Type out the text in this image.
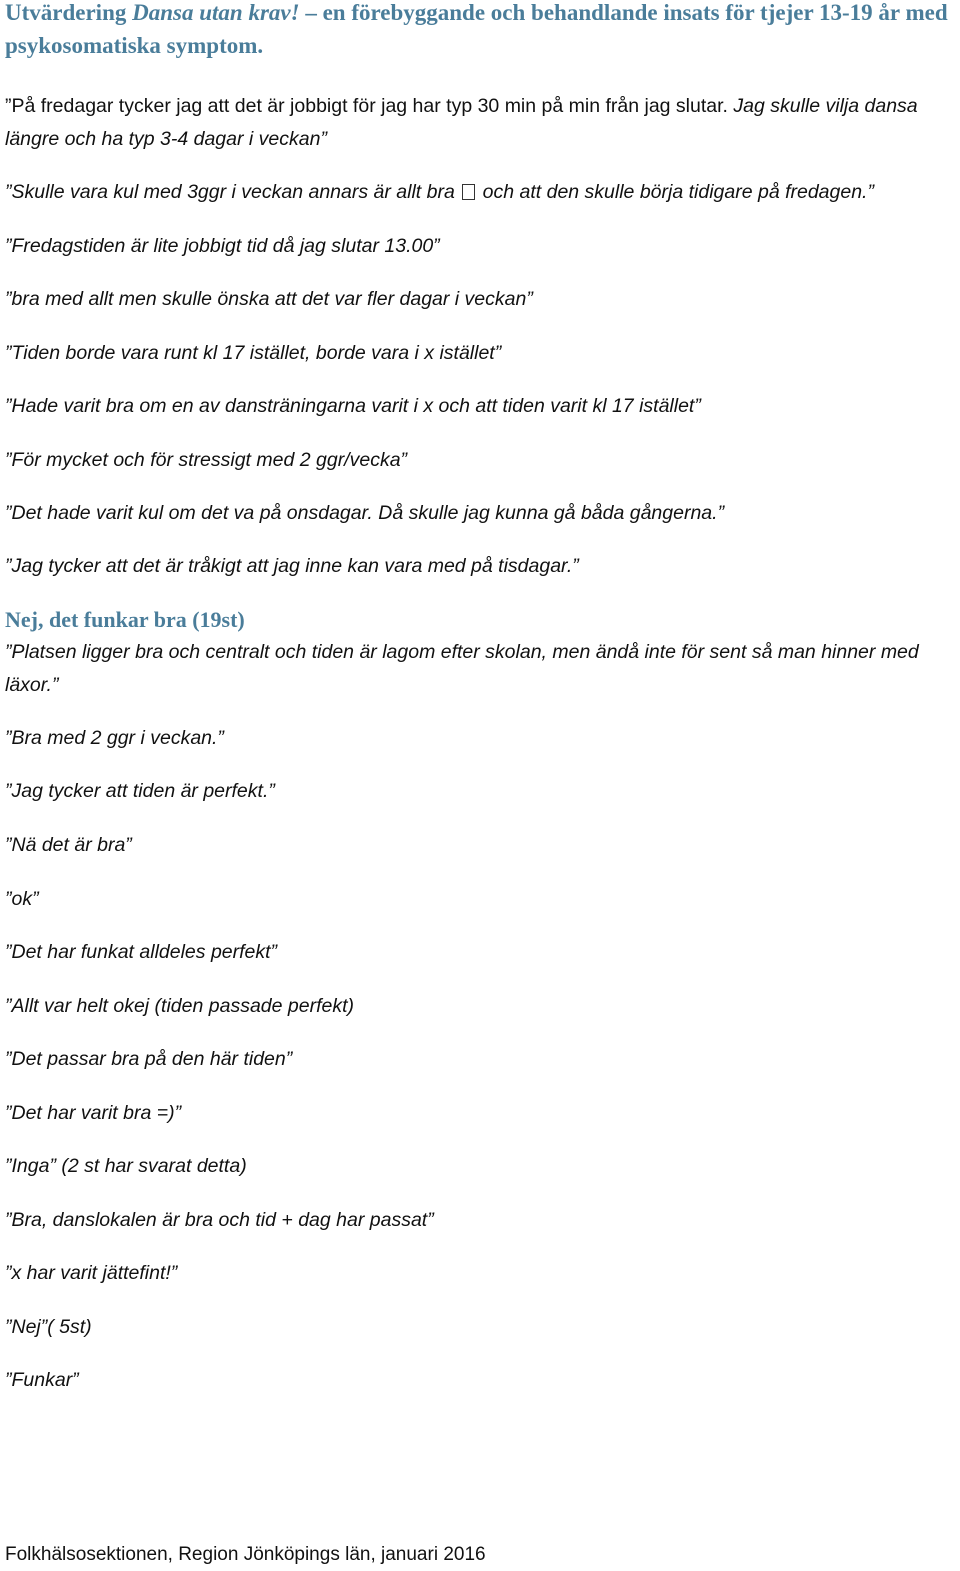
Utvärdering Dansa utan krav! – en förebyggande och behandlande insats för tjejer 13-19 år med psykosomatiska symptom.

”På fredagar tycker jag att det är jobbigt för jag har typ 30 min på min från jag slutar. Jag skulle vilja dansa längre och ha typ 3-4 dagar i veckan”

”Skulle vara kul med 3ggr i veckan annars är allt bra och att den skulle börja tidigare på fredagen.”

”Fredagstiden är lite jobbigt tid då jag slutar 13.00”

”bra med allt men skulle önska att det var fler dagar i veckan”

”Tiden borde vara runt kl 17 istället, borde vara i x istället”

”Hade varit bra om en av dansträningarna varit i x och att tiden varit kl 17 istället”

”För mycket och för stressigt med 2 ggr/vecka”

”Det hade varit kul om det va på onsdagar. Då skulle jag kunna gå båda gångerna.”

”Jag tycker att det är tråkigt att jag inne kan vara med på tisdagar.”

Nej, det funkar bra (19st)

”Platsen ligger bra och centralt och tiden är lagom efter skolan, men ändå inte för sent så man hinner med läxor.”

”Bra med 2 ggr i veckan.”

”Jag tycker att tiden är perfekt.”

”Nä det är bra”

”ok”

”Det har funkat alldeles perfekt”

”Allt var helt okej (tiden passade perfekt)

”Det passar bra på den här tiden”

”Det har varit bra =)”

”Inga” (2 st har svarat detta)

”Bra, danslokalen är bra och tid + dag har passat”

”x har varit jättefint!”

”Nej”( 5st)

”Funkar”

Folkhälsosektionen, Region Jönköpings län, januari 2016
